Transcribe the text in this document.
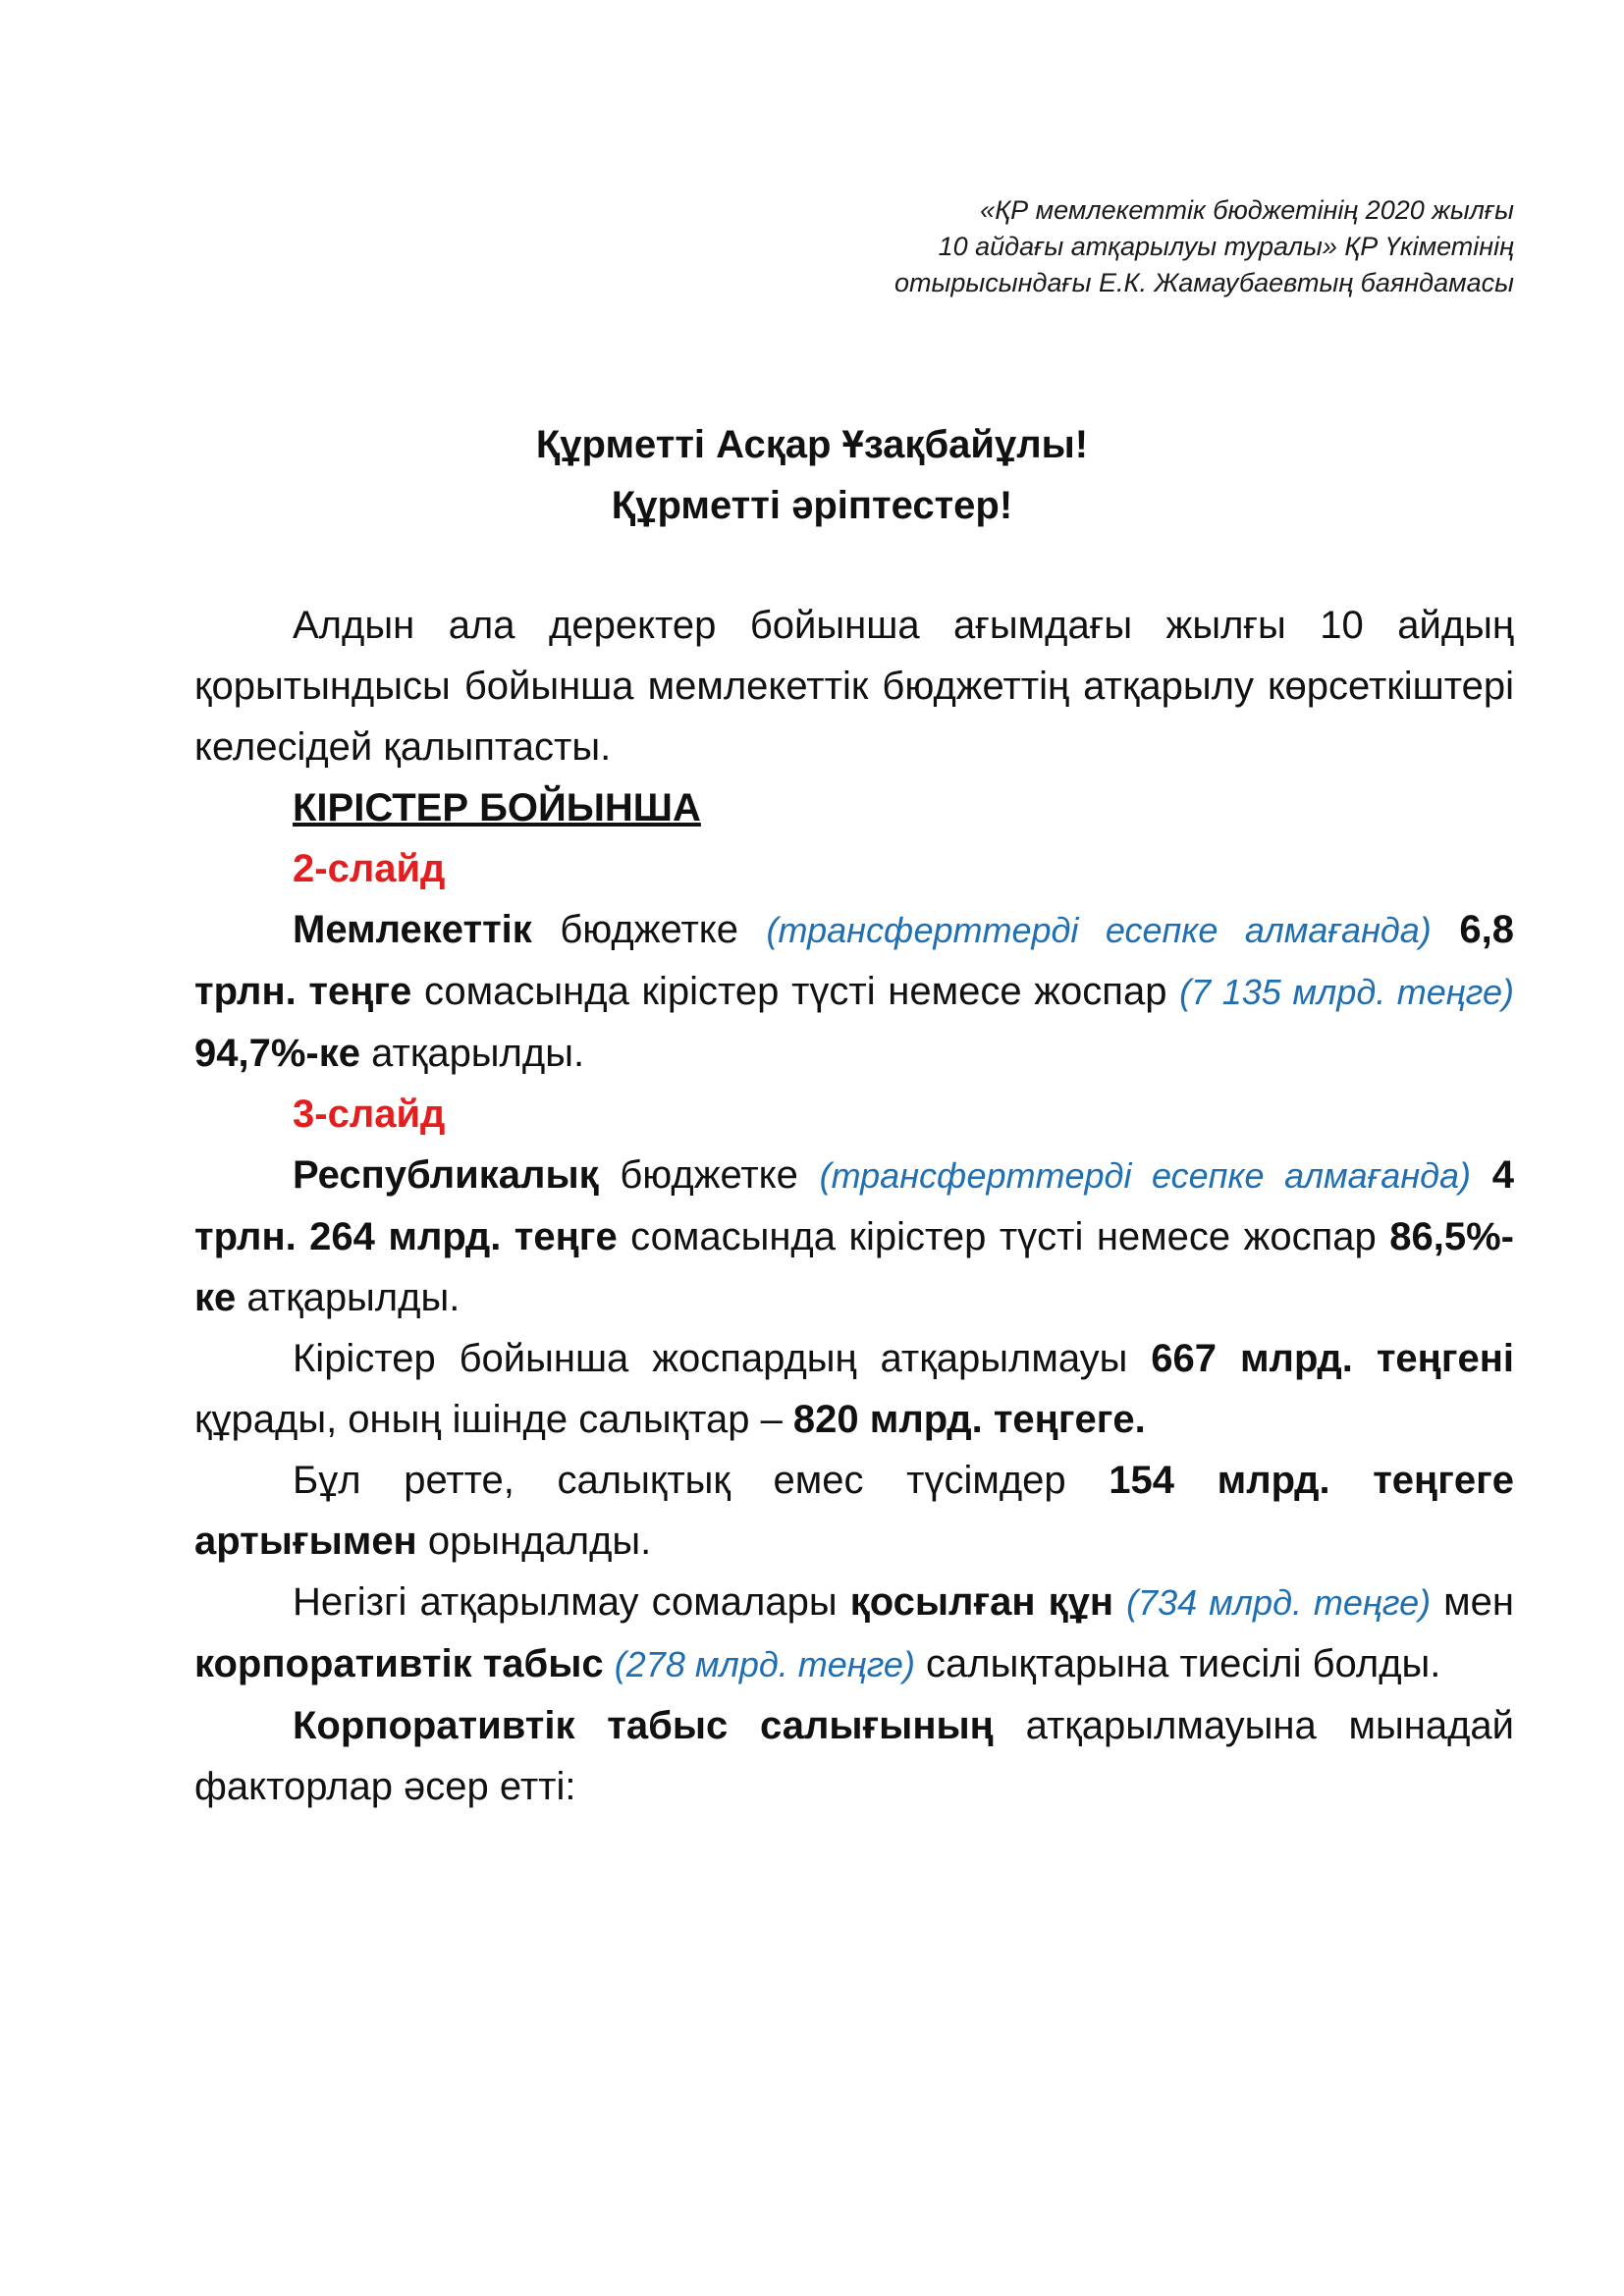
«ҚР мемлекеттік бюджетінің 2020 жылғы
10 айдағы атқарылуы туралы» ҚР Үкіметінің
отырысындағы Е.К. Жамаубаевтың баяндамасы
Құрметті Асқар Ұзақбайұлы!
Құрметті әріптестер!

Алдын ала деректер бойынша ағымдағы жылғы 10 айдың қорытындысы бойынша мемлекеттік бюджеттің атқарылу көрсеткіштері келесідей қалыптасты.

КІРІСТЕР БОЙЫНША

2-слайд

Мемлекеттік бюджетке (трансферттерді есепке алмағанда) 6,8 трлн. теңге сомасында кірістер түсті немесе жоспар (7 135 млрд. теңге) 94,7%-ке атқарылды.

3-слайд

Республикалық бюджетке (трансферттерді есепке алмағанда) 4 трлн. 264 млрд. теңге сомасында кірістер түсті немесе жоспар 86,5%-ке атқарылды.

Кірістер бойынша жоспардың атқарылмауы 667 млрд. теңгені құрады, оның ішінде салықтар – 820 млрд. теңгеге.

Бұл ретте, салықтық емес түсімдер 154 млрд. теңгеге артығымен орындалды.

Негізгі атқарылмау сомалары қосылған құн (734 млрд. теңге) мен корпоративтік табыс (278 млрд. теңге) салықтарына тиесілі болды.

Корпоративтік табыс салығының атқарылмауына мынадай факторлар әсер етті:
